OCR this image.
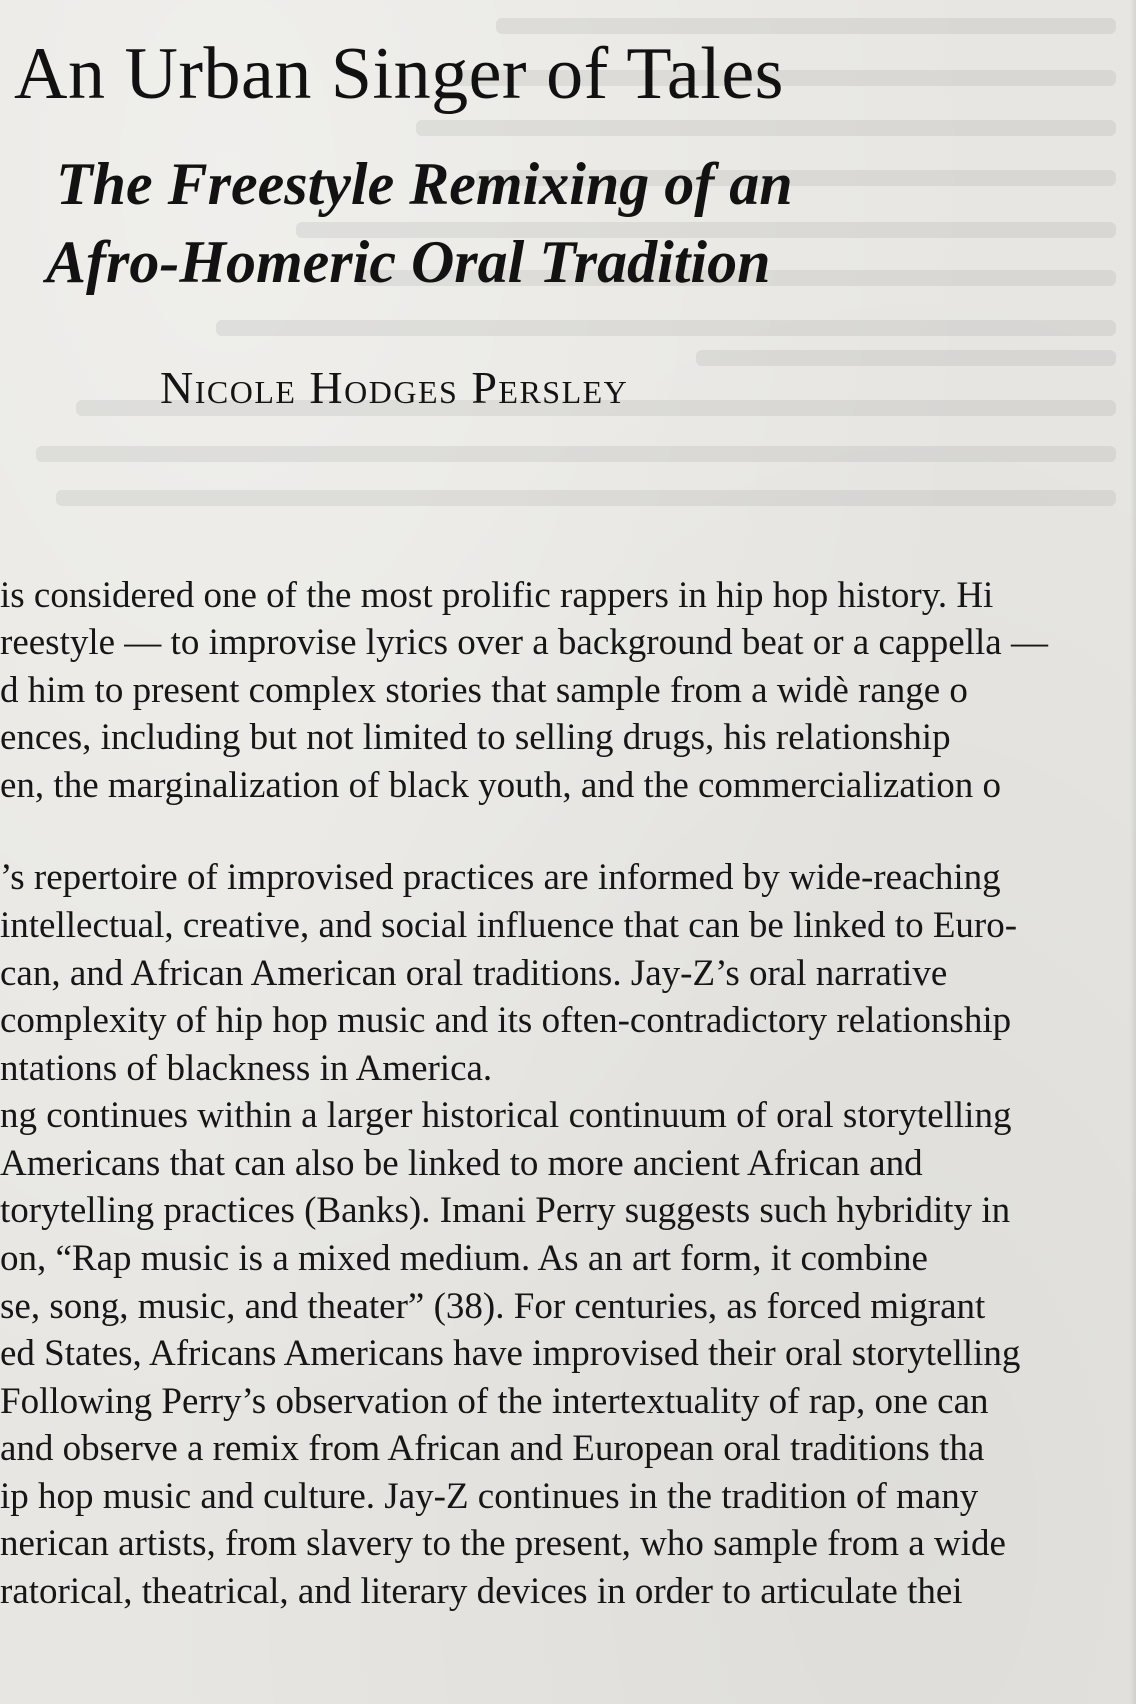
An Urban Singer of Tales
The Freestyle Remixing of an
Afro-Homeric Oral Tradition
Nicole Hodges Persley
is considered one of the most prolific rappers in hip hop history. Hi
reestyle — to improvise lyrics over a background beat or a cappella —
d him to present complex stories that sample from a widè range o
ences, including but not limited to selling drugs, his relationship
en, the marginalization of black youth, and the commercialization o
’s repertoire of improvised practices are informed by wide-reaching
intellectual, creative, and social influence that can be linked to Euro-
can, and African American oral traditions. Jay-Z’s oral narrative
complexity of hip hop music and its often-contradictory relationship
ntations of blackness in America.
ng continues within a larger historical continuum of oral storytelling
Americans that can also be linked to more ancient African and
torytelling practices (Banks). Imani Perry suggests such hybridity in
on, “Rap music is a mixed medium. As an art form, it combine
se, song, music, and theater” (38). For centuries, as forced migrant
ed States, Africans Americans have improvised their oral storytelling
Following Perry’s observation of the intertextuality of rap, one can
and observe a remix from African and European oral traditions tha
ip hop music and culture. Jay-Z continues in the tradition of many
nerican artists, from slavery to the present, who sample from a wide
ratorical, theatrical, and literary devices in order to articulate thei
